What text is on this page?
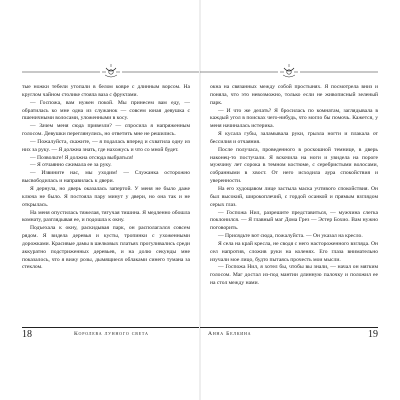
тые ножки тебели утопали в белом ковре с длинным ворсом. На круглом чайном столике стояла ваза с фруктами.

— Госпожа, вам нужен покой. Мы принесем вам еду, — обратилась ко мне одна из служанок — совсем юная девушка с пшеничными волосами, уложенными в косу.

— Зачем меня сюда привезли? — спросила я напряженным голосом. Девушки переглянулись, но ответить мне не решились.

— Пожалуйста, скажите, — я подалась вперед и схватила одну из них за руку. — Я должна знать, где нахожусь и что со мной будет.

— Позвольте! Я должна отсюда выбраться!

— Я отчаянно сжимала ее за руку.

— Извините нас, мы уходим! — Служанка осторожно высвободилась и направилась к двери.

Я дернула, но дверь оказалась запертой. У меня не было даже ключа не было. Я постояла пару минут у двери, но она так и не открылась.

На меня опустилась тяжелая, тягучая тишина. Я медленно обошла комнату, разглядывая ее, и подошла к окну.

Подъехала к окну, раскидывая парк, он располагался совсем рядом. Я видела деревья и кусты, тропинки с ухоженными дорожками. Красивые дамы в шелковых платьях прогуливались среди аккуратно подстриженных деревьев, и на долю секунды мне показалось, что я вижу розы, дымящиеся облаками синего тумана за стеклом.

18	Королева лунного света

окна на связанных между собой простынях. Я посмотрела вниз и поняла, что это невозможно, только если не живописный зеленый парк.

— И что же делать? Я бросилась по комнатам, заглядывала в каждый угол в поисках чего-нибудь, что могло бы помочь. Кажется, у меня начиналась истерика.

Я кусала губы, заламывала руки, грызла ногти и плакала от бессилия и отчаяния.

После получаса, проведенного в роскошной темнице, в дверь наконец-то постучали. Я вскочила на ноги и увидела на пороге мужчину лет сорока в темном костюме, с серебристыми волосами, собранными в хвост. От него исходила аура спокойствия и уверенности.

На его худощавом лице застыла маска учтивого спокойствия. Он был высокий, широкоплечий, с гордой осанкой и прямым взглядом серых глаз.

— Госпожа Нил, разрешите представиться, — мужчина слегка поклонился. — Я главный маг Дома Грез — Эстер Бохио. Вам нужно поговорить.

— Присядьте вот сюда, пожалуйста. — Он указал на кресло.

Я села на край кресла, не сводя с него настороженного взгляда. Он сел напротив, сложив руки на коленях. Его глаза внимательно изучали мое лицо, будто пытаясь прочесть мои мысли.

— Госпожа Нил, я хотел бы, чтобы вы знали, — начал он мягким голосом. Маг достал из-под мантии длинную палочку и положил ее на стол между нами.

Анна Белкина	19
